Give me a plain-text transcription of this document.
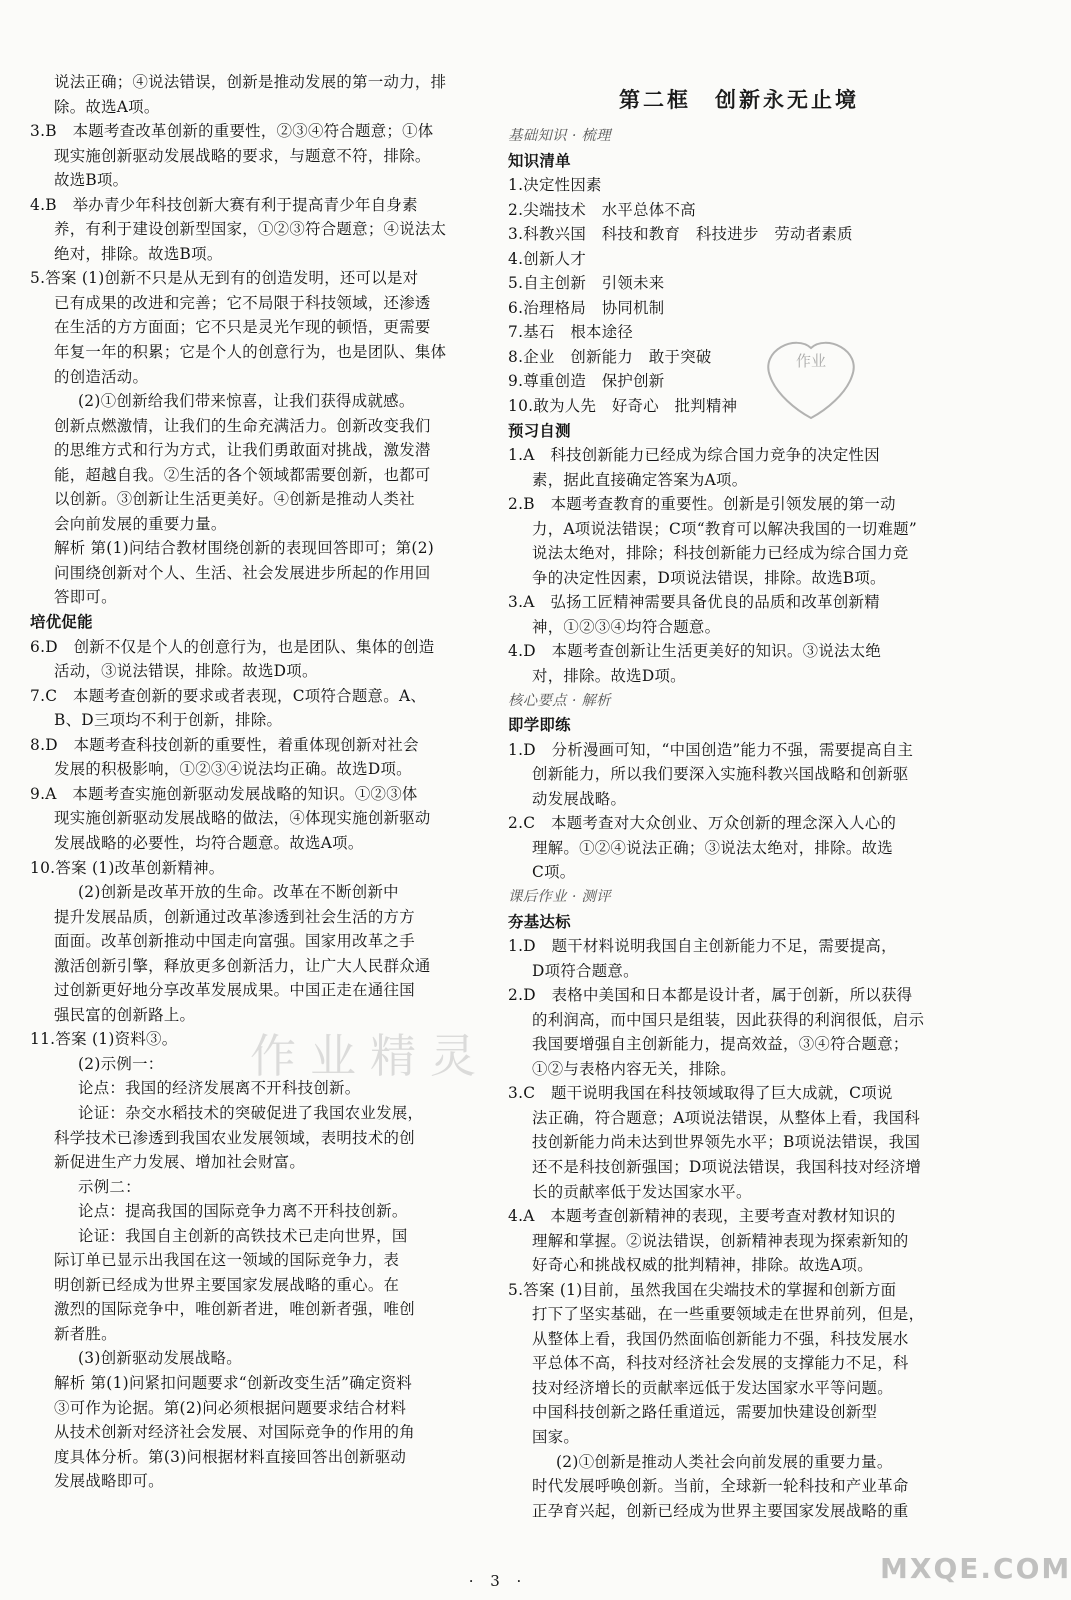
说法正确；④说法错误，创新是推动发展的第一动力，排
除。故选A项。
3.B　本题考查改革创新的重要性，②③④符合题意；①体
现实施创新驱动发展战略的要求，与题意不符，排除。
故选B项。
4.B　举办青少年科技创新大赛有利于提高青少年自身素
养，有利于建设创新型国家，①②③符合题意；④说法太
绝对，排除。故选B项。
5.答案 (1)创新不只是从无到有的创造发明，还可以是对
已有成果的改进和完善；它不局限于科技领域，还渗透
在生活的方方面面；它不只是灵光乍现的顿悟，更需要
年复一年的积累；它是个人的创意行为，也是团队、集体
的创造活动。
(2)①创新给我们带来惊喜，让我们获得成就感。
创新点燃激情，让我们的生命充满活力。创新改变我们
的思维方式和行为方式，让我们勇敢面对挑战，激发潜
能，超越自我。②生活的各个领域都需要创新，也都可
以创新。③创新让生活更美好。④创新是推动人类社
会向前发展的重要力量。
解析 第(1)问结合教材围绕创新的表现回答即可；第(2)
问围绕创新对个人、生活、社会发展进步所起的作用回
答即可。
培优促能
6.D　创新不仅是个人的创意行为，也是团队、集体的创造
活动，③说法错误，排除。故选D项。
7.C　本题考查创新的要求或者表现，C项符合题意。A、
B、D三项均不利于创新，排除。
8.D　本题考查科技创新的重要性，着重体现创新对社会
发展的积极影响，①②③④说法均正确。故选D项。
9.A　本题考查实施创新驱动发展战略的知识。①②③体
现实施创新驱动发展战略的做法，④体现实施创新驱动
发展战略的必要性，均符合题意。故选A项。
10.答案 (1)改革创新精神。
(2)创新是改革开放的生命。改革在不断创新中
提升发展品质，创新通过改革渗透到社会生活的方方
面面。改革创新推动中国走向富强。国家用改革之手
激活创新引擎，释放更多创新活力，让广大人民群众通
过创新更好地分享改革发展成果。中国正走在通往国
强民富的创新路上。
11.答案 (1)资料③。
(2)示例一：
论点：我国的经济发展离不开科技创新。
论证：杂交水稻技术的突破促进了我国农业发展，
科学技术已渗透到我国农业发展领域，表明技术的创
新促进生产力发展、增加社会财富。
示例二：
论点：提高我国的国际竞争力离不开科技创新。
论证：我国自主创新的高铁技术已走向世界，国
际订单已显示出我国在这一领域的国际竞争力，表
明创新已经成为世界主要国家发展战略的重心。在
激烈的国际竞争中，唯创新者进，唯创新者强，唯创
新者胜。
(3)创新驱动发展战略。
解析 第(1)问紧扣问题要求“创新改变生活”确定资料
③可作为论据。第(2)问必须根据问题要求结合材料
从技术创新对经济社会发展、对国际竞争的作用的角
度具体分析。第(3)问根据材料直接回答出创新驱动
发展战略即可。
第二框　创新永无止境
基础知识 · 梳理
知识清单
1.决定性因素
2.尖端技术　水平总体不高
3.科教兴国　科技和教育　科技进步　劳动者素质
4.创新人才
5.自主创新　引领未来
6.治理格局　协同机制
7.基石　根本途径
8.企业　创新能力　敢于突破
9.尊重创造　保护创新
10.敢为人先　好奇心　批判精神
预习自测
1.A　科技创新能力已经成为综合国力竞争的决定性因
素，据此直接确定答案为A项。
2.B　本题考查教育的重要性。创新是引领发展的第一动
力，A项说法错误；C项“教育可以解决我国的一切难题”
说法太绝对，排除；科技创新能力已经成为综合国力竞
争的决定性因素，D项说法错误，排除。故选B项。
3.A　弘扬工匠精神需要具备优良的品质和改革创新精
神，①②③④均符合题意。
4.D　本题考查创新让生活更美好的知识。③说法太绝
对，排除。故选D项。
核心要点 · 解析
即学即练
1.D　分析漫画可知，“中国创造”能力不强，需要提高自主
创新能力，所以我们要深入实施科教兴国战略和创新驱
动发展战略。
2.C　本题考查对大众创业、万众创新的理念深入人心的
理解。①②④说法正确；③说法太绝对，排除。故选
C项。
课后作业 · 测评
夯基达标
1.D　题干材料说明我国自主创新能力不足，需要提高，
D项符合题意。
2.D　表格中美国和日本都是设计者，属于创新，所以获得
的利润高，而中国只是组装，因此获得的利润很低，启示
我国要增强自主创新能力，提高效益，③④符合题意；
①②与表格内容无关，排除。
3.C　题干说明我国在科技领域取得了巨大成就，C项说
法正确，符合题意；A项说法错误，从整体上看，我国科
技创新能力尚未达到世界领先水平；B项说法错误，我国
还不是科技创新强国；D项说法错误，我国科技对经济增
长的贡献率低于发达国家水平。
4.A　本题考查创新精神的表现，主要考查对教材知识的
理解和掌握。②说法错误，创新精神表现为探索新知的
好奇心和挑战权威的批判精神，排除。故选A项。
5.答案 (1)目前，虽然我国在尖端技术的掌握和创新方面
打下了坚实基础，在一些重要领域走在世界前列，但是，
从整体上看，我国仍然面临创新能力不强，科技发展水
平总体不高，科技对经济社会发展的支撑能力不足，科
技对经济增长的贡献率远低于发达国家水平等问题。
中国科技创新之路任重道远，需要加快建设创新型
国家。
(2)①创新是推动人类社会向前发展的重要力量。
时代发展呼唤创新。当前，全球新一轮科技和产业革命
正孕育兴起，创新已经成为世界主要国家发展战略的重
作业精灵
作业
· 3 ·	MXQE.COM
